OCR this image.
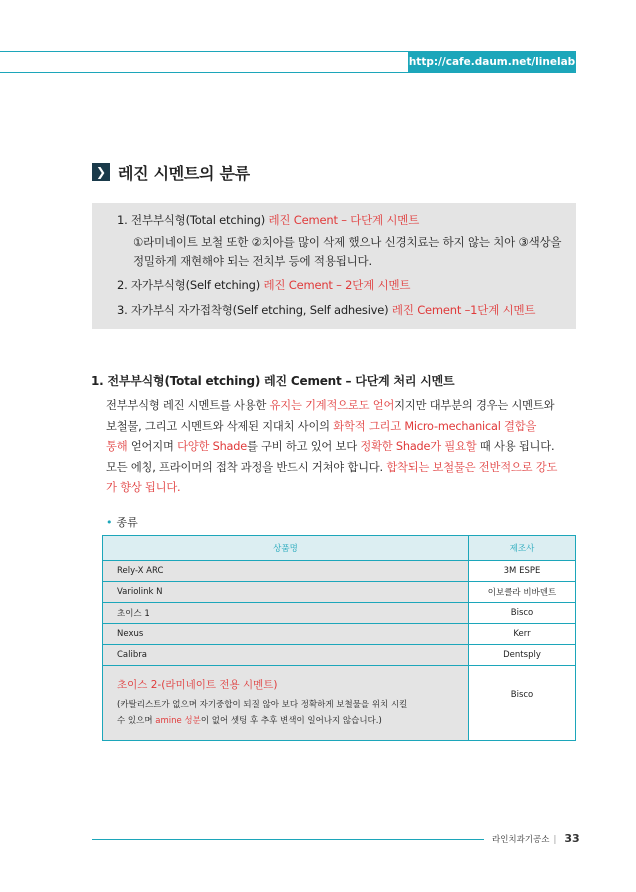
http://cafe.daum.net/linelab
❯ 레진 시멘트의 분류
1. 전부부식형(Total etching) 레진 Cement – 다단계 시멘트
①라미네이트 보철 또한 ②치아를 많이 삭제 했으나 신경치료는 하지 않는 치아 ③색상을
정밀하게 재현해야 되는 전치부 등에 적용됩니다.
2. 자가부식형(Self etching) 레진 Cement – 2단계 시멘트
3. 자가부식 자가접착형(Self etching, Self adhesive) 레진 Cement –1단계 시멘트
1. 전부부식형(Total etching) 레진 Cement – 다단계 처리 시멘트
전부부식형 레진 시멘트를 사용한 유지는 기계적으로도 얻어지지만 대부분의 경우는 시멘트와
보철물, 그리고 시멘트와 삭제된 지대치 사이의 화학적 그리고 Micro-mechanical 결합을
통해 얻어지며 다양한 Shade를 구비 하고 있어 보다 정확한 Shade가 필요할 때 사용 됩니다.
모든 에칭, 프라이머의 접착 과정을 반드시 거쳐야 합니다. 합착되는 보철물은 전반적으로 강도
가 향상 됩니다.
• 종류
상품명	제조사
Rely-X ARC	3M ESPE
Variolink N	이보클라 비바덴트
초이스 1	Bisco
Nexus	Kerr
Calibra	Dentsply

초이스 2-(라미네이트 전용 시멘트)
(카탈리스트가 없으며 자기중합이 되질 않아 보다 정확하게 보철물을 위치 시킬
수 있으며 amine 성분이 없어 셋팅 후 추후 변색이 일어나지 않습니다.)	Bisco
라인치과기공소 | 33
